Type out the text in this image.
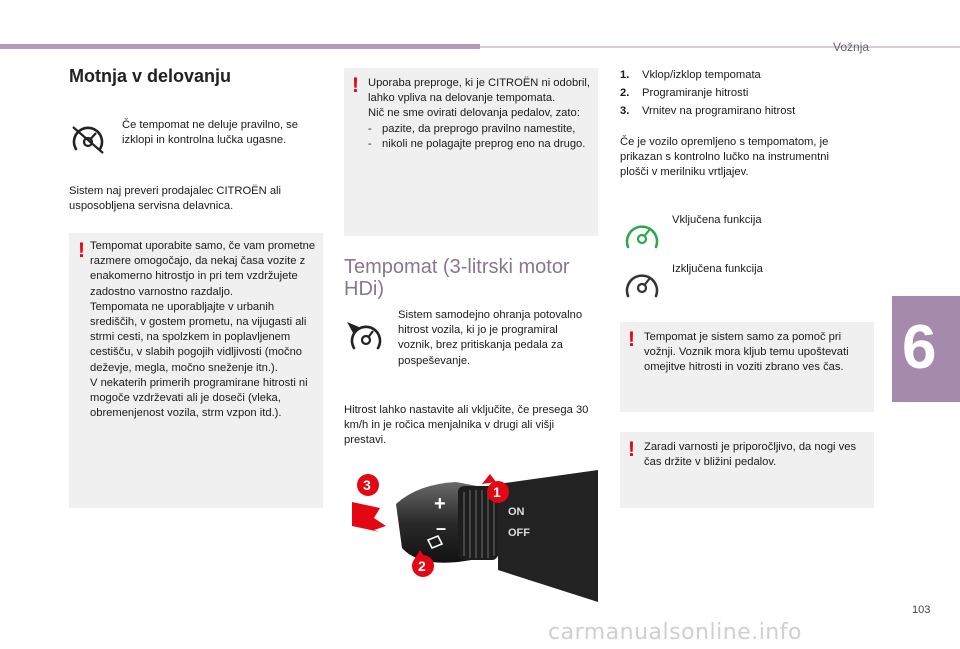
Vožnja
6
103
carmanualsonline.info
Motnja v delovanju
Če tempomat ne deluje pravilno, se izklopi in kontrolna lučka ugasne.
Sistem naj preveri prodajalec CITROËN ali usposobljena servisna delavnica.
! Tempomat uporabite samo, če vam prometne razmere omogočajo, da nekaj časa vozite z enakomerno hitrostjo in pri tem vzdržujete zadostno varnostno razdaljo.
Tempomata ne uporabljajte v urbanih središčih, v gostem prometu, na vijugasti ali strmi cesti, na spolzkem in poplavljenem cestišču, v slabih pogojih vidljivosti (močno deževje, megla, močno sneženje itn.).
V nekaterih primerih programirane hitrosti ni mogoče vzdrževati ali je doseči (vleka, obremenjenost vozila, strm vzpon itd.).
! Uporaba preproge, ki je CITROËN ni odobril, lahko vpliva na delovanje tempomata.
Nič ne sme ovirati delovanja pedalov, zato:
- pazite, da preprogo pravilno namestite,
- nikoli ne polagajte preprog eno na drugo.
Tempomat (3-litrski motor HDi)
Sistem samodejno ohranja potovalno hitrost vozila, ki jo je programiral voznik, brez pritiskanja pedala za pospeševanje.
Hitrost lahko nastavite ali vključite, če presega 30 km/h in je ročica menjalnika v drugi ali višji prestavi.
+
–
ON
OFF
3
2
1
1. Vklop/izklop tempomata
2. Programiranje hitrosti
3. Vrnitev na programirano hitrost
Če je vozilo opremljeno s tempomatom, je prikazan s kontrolno lučko na instrumentni plošči v merilniku vrtljajev.
Vključena funkcija
Izključena funkcija
! Tempomat je sistem samo za pomoč pri vožnji. Voznik mora kljub temu upoštevati omejitve hitrosti in voziti zbrano ves čas.
! Zaradi varnosti je priporočljivo, da nogi ves čas držite v bližini pedalov.
